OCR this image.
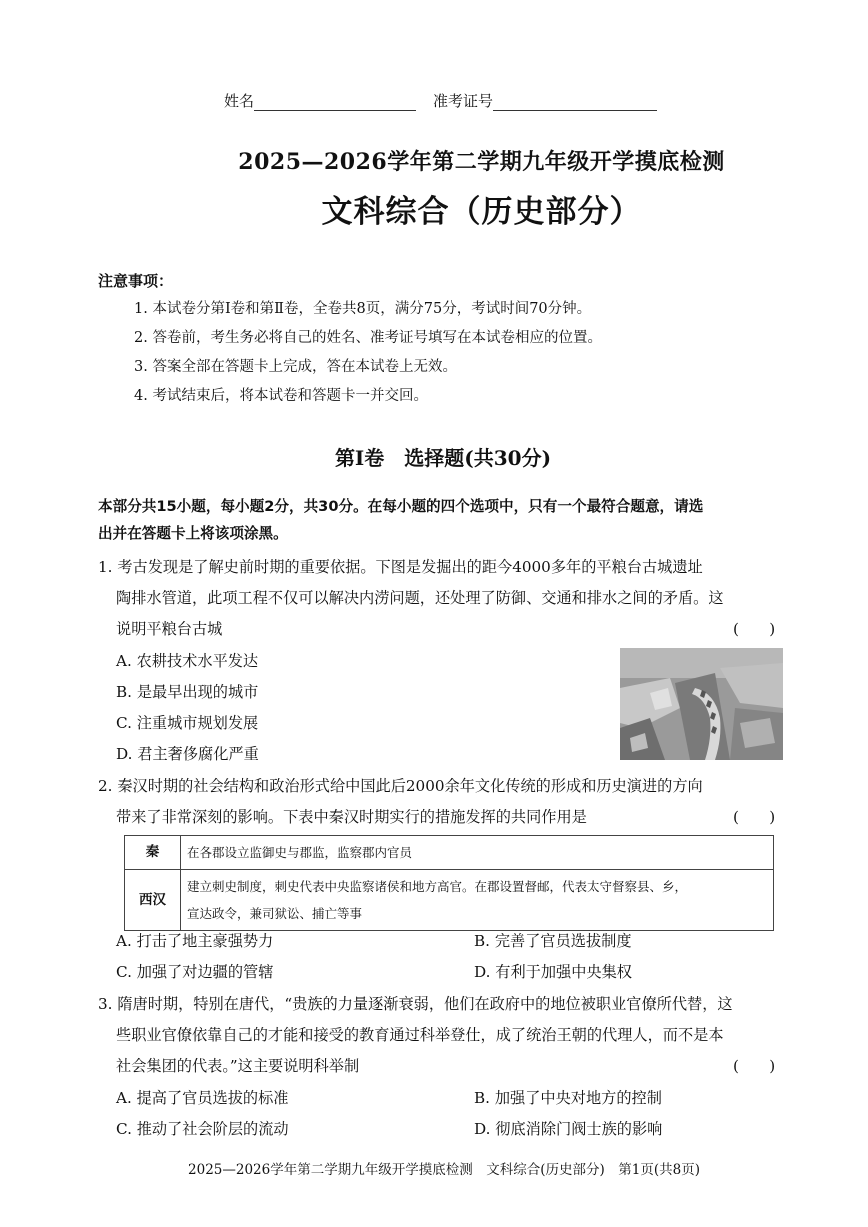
姓名	准考证号
2025—2026学年第二学期九年级开学摸底检测
文科综合（历史部分）
注意事项：
1. 本试卷分第Ⅰ卷和第Ⅱ卷，全卷共8页，满分75分，考试时间70分钟。
2. 答卷前，考生务必将自己的姓名、准考证号填写在本试卷相应的位置。
3. 答案全部在答题卡上完成，答在本试卷上无效。
4. 考试结束后，将本试卷和答题卡一并交回。
第Ⅰ卷　选择题(共30分)
本部分共15小题，每小题2分，共30分。在每小题的四个选项中，只有一个最符合题意，请选
出并在答题卡上将该项涂黑。
1. 考古发现是了解史前时期的重要依据。下图是发掘出的距今4000多年的平粮台古城遗址
陶排水管道，此项工程不仅可以解决内涝问题，还处理了防御、交通和排水之间的矛盾。这
说明平粮台古城	(　　)
A. 农耕技术水平发达
B. 是最早出现的城市
C. 注重城市规划发展
D. 君主奢侈腐化严重
2. 秦汉时期的社会结构和政治形式给中国此后2000余年文化传统的形成和历史演进的方向
带来了非常深刻的影响。下表中秦汉时期实行的措施发挥的共同作用是	(　　)
秦	在各郡设立监御史与郡监，监察郡内官员
西汉	建立刺史制度，刺史代表中央监察诸侯和地方高官。在郡设置督邮，代表太守督察县、乡，
宣达政令，兼司狱讼、捕亡等事
A. 打击了地主豪强势力	B. 完善了官员选拔制度
C. 加强了对边疆的管辖	D. 有利于加强中央集权
3. 隋唐时期，特别在唐代，“贵族的力量逐渐衰弱，他们在政府中的地位被职业官僚所代替，这
些职业官僚依靠自己的才能和接受的教育通过科举登仕，成了统治王朝的代理人，而不是本
社会集团的代表。”这主要说明科举制	(　　)
A. 提高了官员选拔的标准	B. 加强了中央对地方的控制
C. 推动了社会阶层的流动	D. 彻底消除门阀士族的影响
2025—2026学年第二学期九年级开学摸底检测　文科综合(历史部分)　第1页(共8页)
